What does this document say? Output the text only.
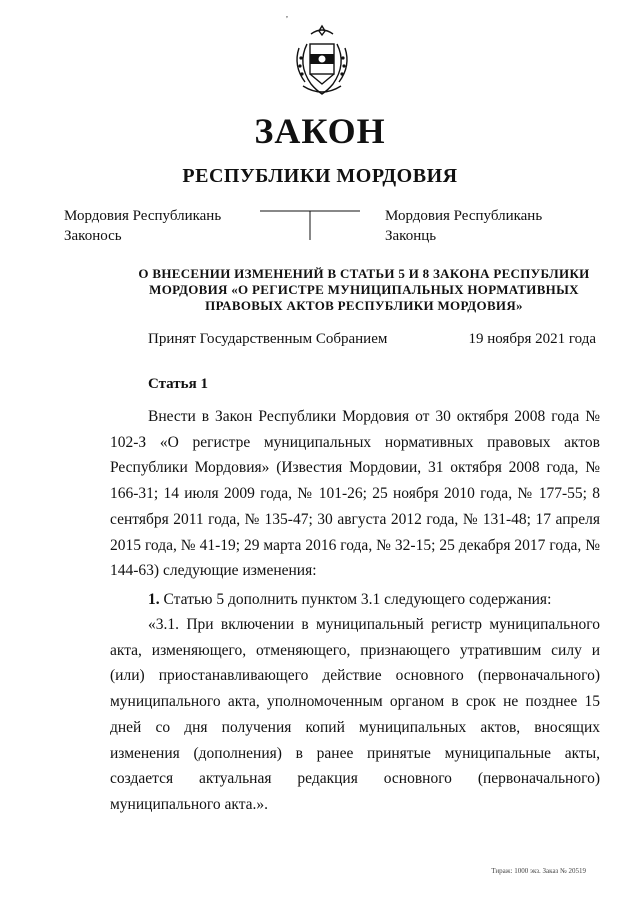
,
ЗАКОН
РЕСПУБЛИКИ МОРДОВИЯ
Мордовия Республикань
Законось
Мордовия Республикань
Законць
О ВНЕСЕНИИ ИЗМЕНЕНИЙ В СТАТЬИ 5 И 8 ЗАКОНА РЕСПУБЛИКИ
МОРДОВИЯ «О РЕГИСТРЕ МУНИЦИПАЛЬНЫХ НОРМАТИВНЫХ
ПРАВОВЫХ АКТОВ РЕСПУБЛИКИ МОРДОВИЯ»
Принят Государственным Собранием	19 ноября 2021 года
Статья 1
Внести в Закон Республики Мордовия от 30 октября 2008 года № 102-З «О регистре муниципальных нормативных правовых актов Республики Мордовия» (Известия Мордовии, 31 октября 2008 года, № 166-31; 14 июля 2009 года, № 101-26; 25 ноября 2010 года, № 177-55; 8 сентября 2011 года, № 135-47; 30 августа 2012 года, № 131-48; 17 апреля 2015 года, № 41-19; 29 марта 2016 года, № 32-15; 25 декабря 2017 года, № 144-63) следующие изменения:
1. Статью 5 дополнить пунктом 3.1 следующего содержания:
«3.1. При включении в муниципальный регистр муниципального акта, изменяющего, отменяющего, признающего утратившим силу и (или) приостанавливающего действие основного (первоначального) муниципального акта, уполномоченным органом в срок не позднее 15 дней со дня получения копий муниципальных актов, вносящих изменения (дополнения) в ранее принятые муниципальные акты, создается актуальная редакция основного (первоначального) муниципального акта.».
Тираж: 1000 экз. Заказ № 20519
